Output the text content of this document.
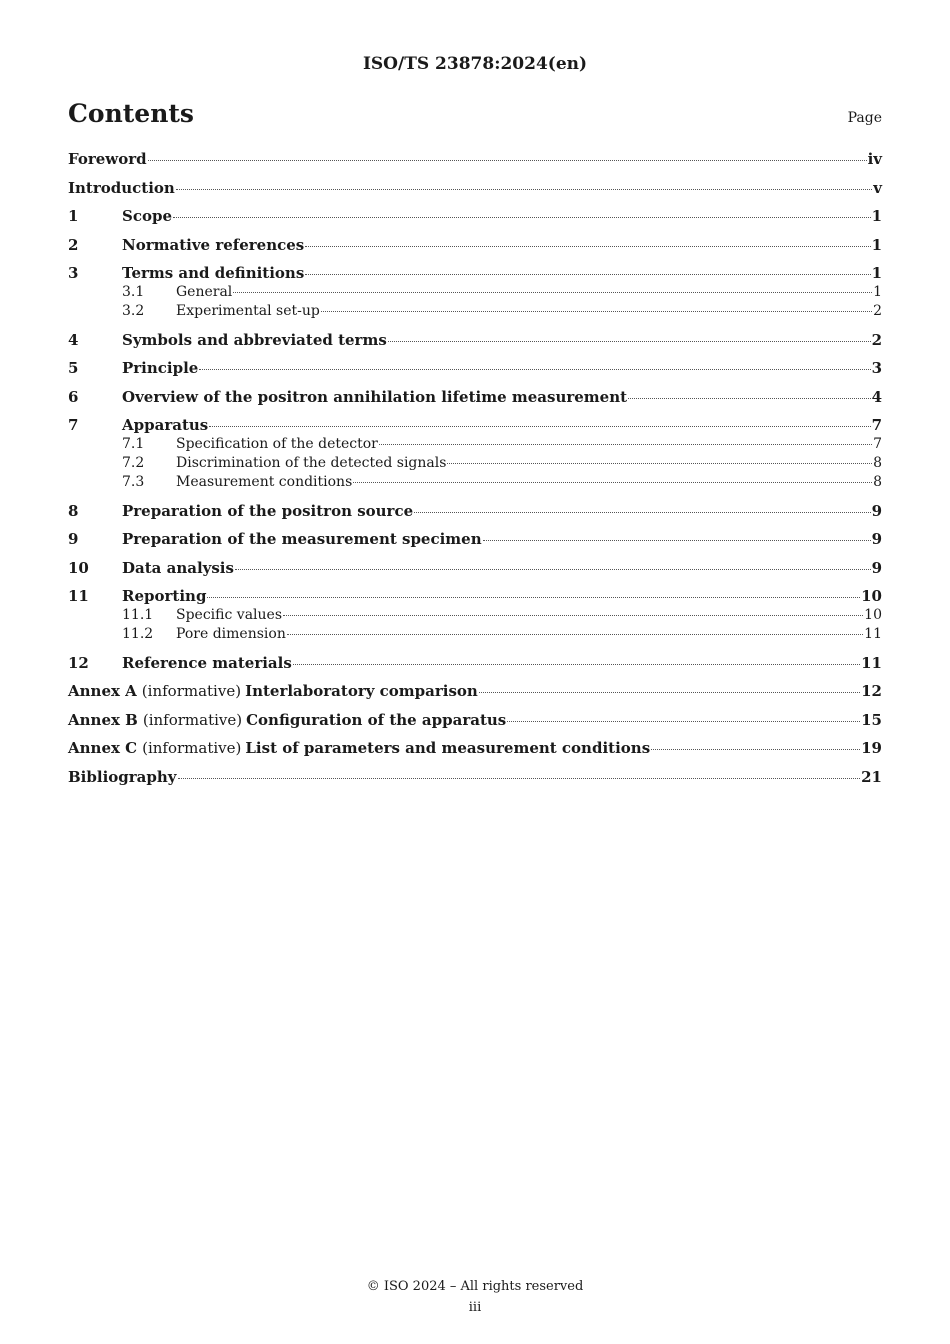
ISO/TS 23878:2024(en)
Contents	Page
Foreword	iv
Introduction	v
1	Scope	1
2	Normative references	1
3	Terms and definitions	1
3.1	General	1
3.2	Experimental set-up	2
4	Symbols and abbreviated terms	2
5	Principle	3
6	Overview of the positron annihilation lifetime measurement	4
7	Apparatus	7
7.1	Specification of the detector	7
7.2	Discrimination of the detected signals	8
7.3	Measurement conditions	8
8	Preparation of the positron source	9
9	Preparation of the measurement specimen	9
10	Data analysis	9
11	Reporting	10
11.1	Specific values	10
11.2	Pore dimension	11
12	Reference materials	11
Annex A (informative) Interlaboratory comparison	12
Annex B (informative) Configuration of the apparatus	15
Annex C (informative) List of parameters and measurement conditions	19
Bibliography	21
© ISO 2024 – All rights reserved
iii
